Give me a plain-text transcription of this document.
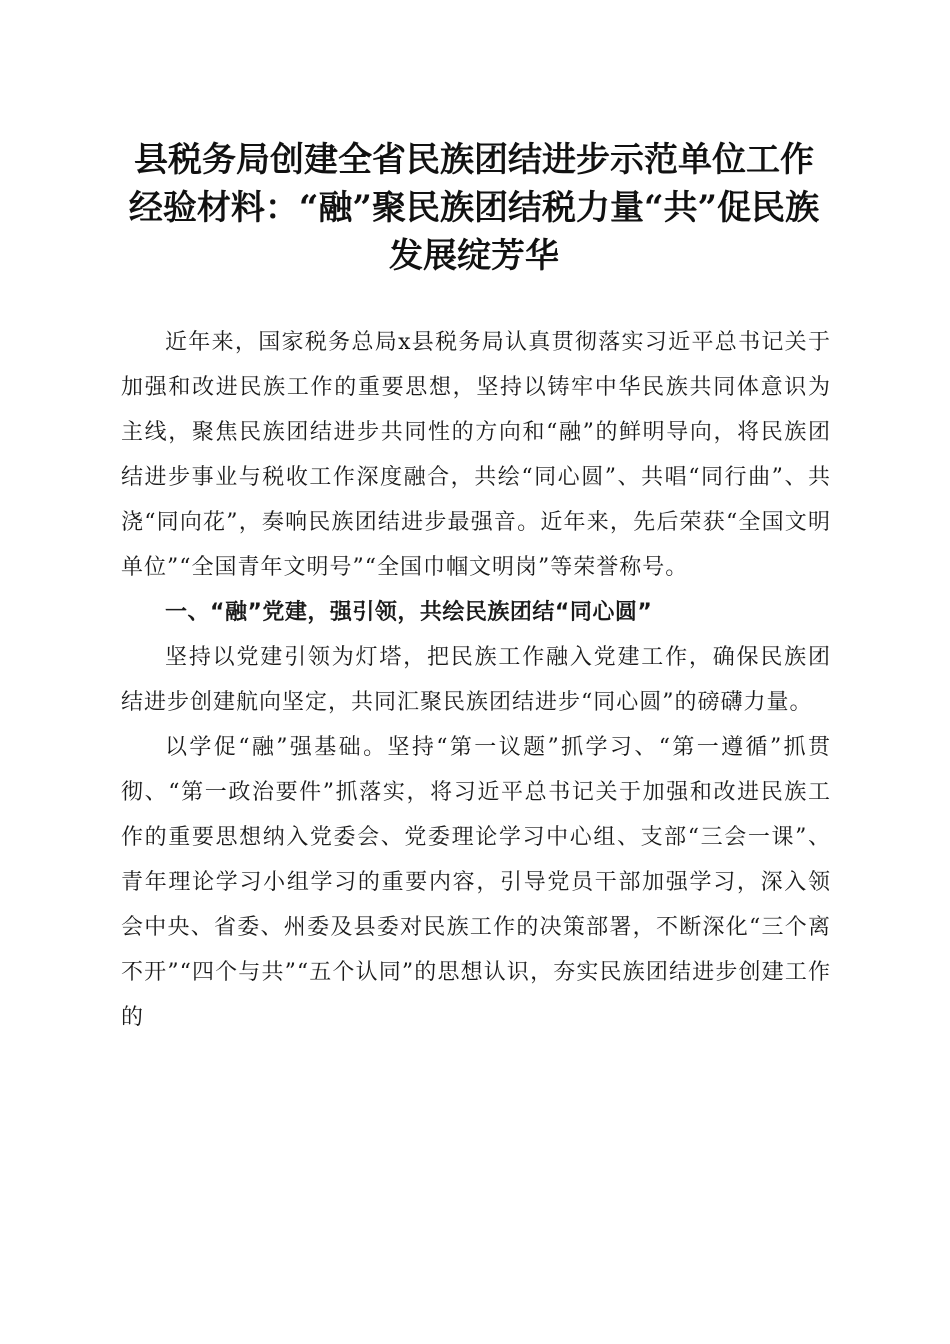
县税务局创建全省民族团结进步示范单位工作经验材料：“融”聚民族团结税力量“共”促民族发展绽芳华

近年来，国家税务总局x县税务局认真贯彻落实习近平总书记关于加强和改进民族工作的重要思想，坚持以铸牢中华民族共同体意识为主线，聚焦民族团结进步共同性的方向和“融”的鲜明导向，将民族团结进步事业与税收工作深度融合，共绘“同心圆”、共唱“同行曲”、共浇“同向花”，奏响民族团结进步最强音。近年来，先后荣获“全国文明单位”“全国青年文明号”“全国巾帼文明岗”等荣誉称号。

一、“融”党建，强引领，共绘民族团结“同心圆”

坚持以党建引领为灯塔，把民族工作融入党建工作，确保民族团结进步创建航向坚定，共同汇聚民族团结进步“同心圆”的磅礴力量。

以学促“融”强基础。坚持“第一议题”抓学习、“第一遵循”抓贯彻、“第一政治要件”抓落实，将习近平总书记关于加强和改进民族工作的重要思想纳入党委会、党委理论学习中心组、支部“三会一课”、青年理论学习小组学习的重要内容，引导党员干部加强学习，深入领会中央、省委、州委及县委对民族工作的决策部署，不断深化“三个离不开”“四个与共”“五个认同”的思想认识，夯实民族团结进步创建工作的
